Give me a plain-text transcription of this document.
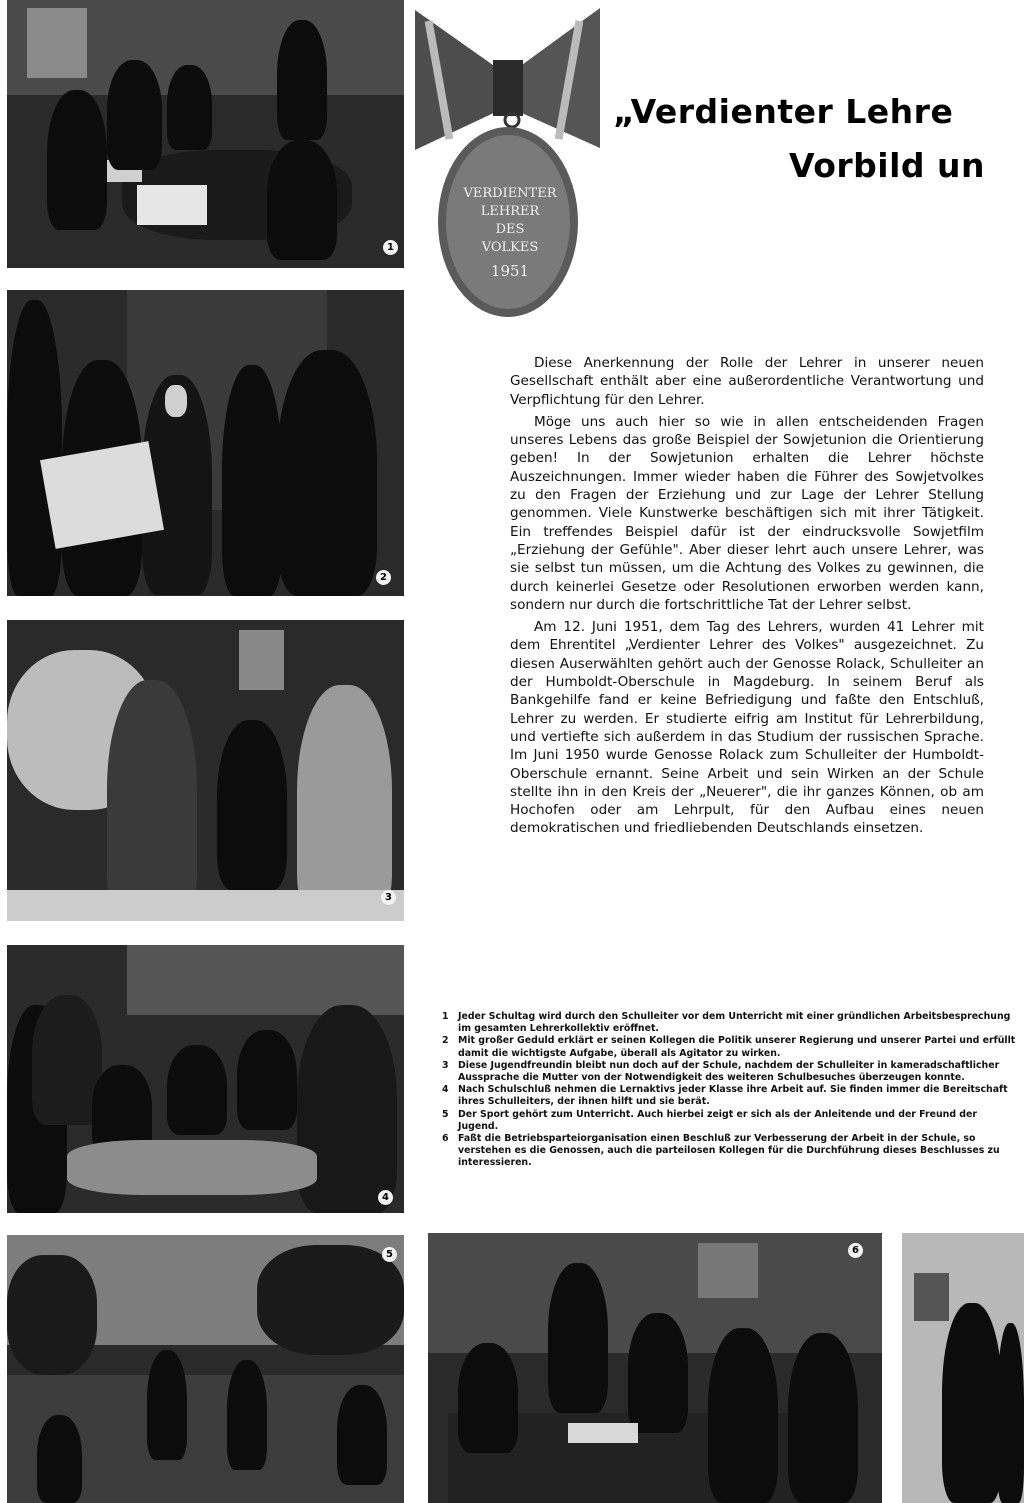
1
VERDIENTER
LEHRER
DES
VOLKES
1951
„Verdienter Lehre
Vorbild un
2
3
4
5	6

Diese Anerkennung der Rolle der Lehrer in unserer neuen Gesellschaft enthält aber eine außerordentliche Verantwortung und Verpflichtung für den Lehrer.

Möge uns auch hier so wie in allen entscheidenden Fragen unseres Lebens das große Beispiel der Sowjetunion die Orientierung geben! In der Sowjetunion erhalten die Lehrer höchste Auszeichnungen. Immer wieder haben die Führer des Sowjetvolkes zu den Fragen der Erziehung und zur Lage der Lehrer Stellung genommen. Viele Kunstwerke beschäftigen sich mit ihrer Tätigkeit. Ein treffendes Beispiel dafür ist der eindrucksvolle Sowjetfilm „Erziehung der Gefühle". Aber dieser lehrt auch unsere Lehrer, was sie selbst tun müssen, um die Achtung des Volkes zu gewinnen, die durch keinerlei Gesetze oder Resolutionen erworben werden kann, sondern nur durch die fortschrittliche Tat der Lehrer selbst.

Am 12. Juni 1951, dem Tag des Lehrers, wurden 41 Lehrer mit dem Ehrentitel „Verdienter Lehrer des Volkes" ausgezeichnet. Zu diesen Auserwählten gehört auch der Genosse Rolack, Schulleiter an der Humboldt-Oberschule in Magdeburg. In seinem Beruf als Bankgehilfe fand er keine Befriedigung und faßte den Entschluß, Lehrer zu werden. Er studierte eifrig am Institut für Lehrerbildung, und vertiefte sich außerdem in das Studium der russischen Sprache. Im Juni 1950 wurde Genosse Rolack zum Schulleiter der Humboldt-Oberschule ernannt. Seine Arbeit und sein Wirken an der Schule stellte ihn in den Kreis der „Neuerer", die ihr ganzes Können, ob am Hochofen oder am Lehrpult, für den Aufbau eines neuen demokratischen und friedliebenden Deutschlands einsetzen.

1 Jeder Schultag wird durch den Schulleiter vor dem Unterricht mit einer gründlichen Arbeitsbesprechung im gesamten Lehrerkollektiv eröffnet.
2 Mit großer Geduld erklärt er seinen Kollegen die Politik unserer Regierung und unserer Partei und erfüllt damit die wichtigste Aufgabe, überall als Agitator zu wirken.
3 Diese Jugendfreundin bleibt nun doch auf der Schule, nachdem der Schulleiter in kameradschaftlicher Aussprache die Mutter von der Notwendigkeit des weiteren Schulbesuches überzeugen konnte.
4 Nach Schulschluß nehmen die Lernaktivs jeder Klasse ihre Arbeit auf. Sie finden immer die Bereitschaft ihres Schulleiters, der ihnen hilft und sie berät.
5 Der Sport gehört zum Unterricht. Auch hierbei zeigt er sich als der Anleitende und der Freund der Jugend.
6 Faßt die Betriebsparteiorganisation einen Beschluß zur Verbesserung der Arbeit in der Schule, so verstehen es die Genossen, auch die parteilosen Kollegen für die Durchführung dieses Beschlusses zu interessieren.
